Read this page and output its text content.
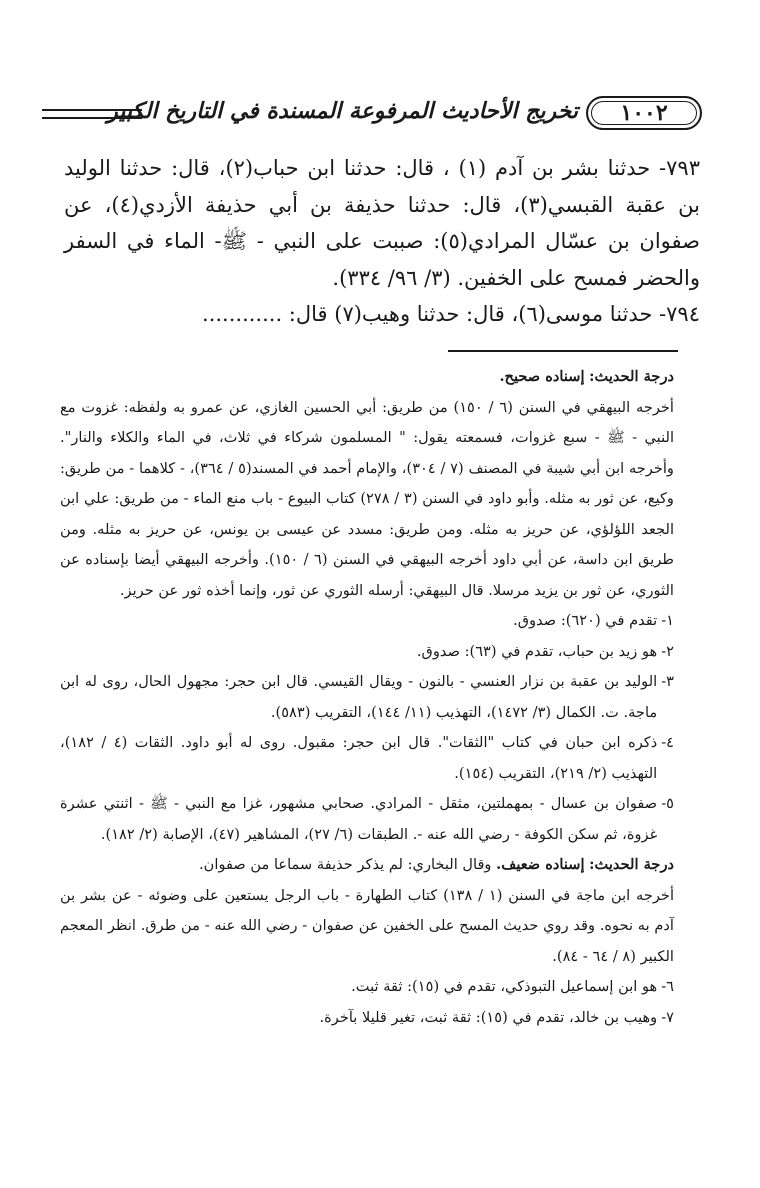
١٠٠٢
تخريج الأحاديث المرفوعة المسندة في التاريخ الكبير

٧٩٣- حدثنا بشر بن آدم (١) ، قال: حدثنا ابن حباب(٢)، قال: حدثنا الوليد بن عقبة القبسي(٣)، قال: حدثنا حذيفة بن أبي حذيفة الأزدي(٤)، عن صفوان بن عسّال المرادي(٥): صببت على النبي - ﷺ- الماء في السفر والحضر فمسح على الخفين. (٣/ ٩٦/ ٣٣٤).

٧٩٤- حدثنا موسى(٦)، قال: حدثنا وهيب(٧) قال: ............

درجة الحديث: إسناده صحيح.

أخرجه البيهقي في السنن (٦ / ١٥٠) من طريق: أبي الحسين الغازي، عن عمرو به ولفظه: غزوت مع النبي - ﷺ - سبع غزوات، فسمعته يقول: " المسلمون شركاء في ثلاث، في الماء والكلاء والنار". وأخرجه ابن أبي شيبة في المصنف (٧ / ٣٠٤)، والإمام أحمد في المسند(٥ / ٣٦٤)، - كلاهما - من طريق: وكيع، عن ثور به مثله. وأبو داود في السنن (٣ / ٢٧٨) كتاب البيوع - باب منع الماء - من طريق: علي ابن الجعد اللؤلؤي، عن حريز به مثله. ومن طريق: مسدد عن عيسى بن يونس، عن حريز به مثله. ومن طريق ابن داسة، عن أبي داود أخرجه البيهقي في السنن (٦ / ١٥٠). وأخرجه البيهقي أيضا بإسناده عن الثوري، عن ثور بن يزيد مرسلا. قال البيهقي: أرسله الثوري عن ثور، وإنما أخذه ثور عن حريز.

١-
تقدم في (٦٢٠): صدوق.
٢-
هو زيد بن حباب، تقدم في (٦٣): صدوق.
٣-
الوليد بن عقبة بن نزار العنسي - بالنون - ويقال القيسي. قال ابن حجر: مجهول الحال، روى له ابن ماجة. ت. الكمال (٣/ ١٤٧٢)، التهذيب (١١/ ١٤٤)، التقريب (٥٨٣).
٤-
ذكره ابن حبان في كتاب "الثقات". قال ابن حجر: مقبول. روى له أبو داود. الثقات (٤ / ١٨٢)، التهذيب (٢/ ٢١٩)، التقريب (١٥٤).
٥-
صفوان بن عسال - بمهملتين، مثقل - المرادي. صحابي مشهور، غزا مع النبي - ﷺ - اثنتي عشرة غزوة، ثم سكن الكوفة - رضي الله عنه -. الطبقات (٦/ ٢٧)، المشاهير (٤٧)، الإصابة (٢/ ١٨٢).

درجة الحديث: إسناده ضعيف. وقال البخاري: لم يذكر حذيفة سماعا من صفوان.

أخرجه ابن ماجة في السنن (١ / ١٣٨) كتاب الطهارة - باب الرجل يستعين على وضوئه - عن بشر بن آدم به نحوه. وقد روي حديث المسح على الخفين عن صفوان - رضي الله عنه - من طرق. انظر المعجم الكبير (٨ / ٦٤ - ٨٤).

٦-
هو ابن إسماعيل التبوذكي، تقدم في (١٥): ثقة ثبت.
٧-
وهيب بن خالد، تقدم في (١٥): ثقة ثبت، تغير قليلا بآخرة.
